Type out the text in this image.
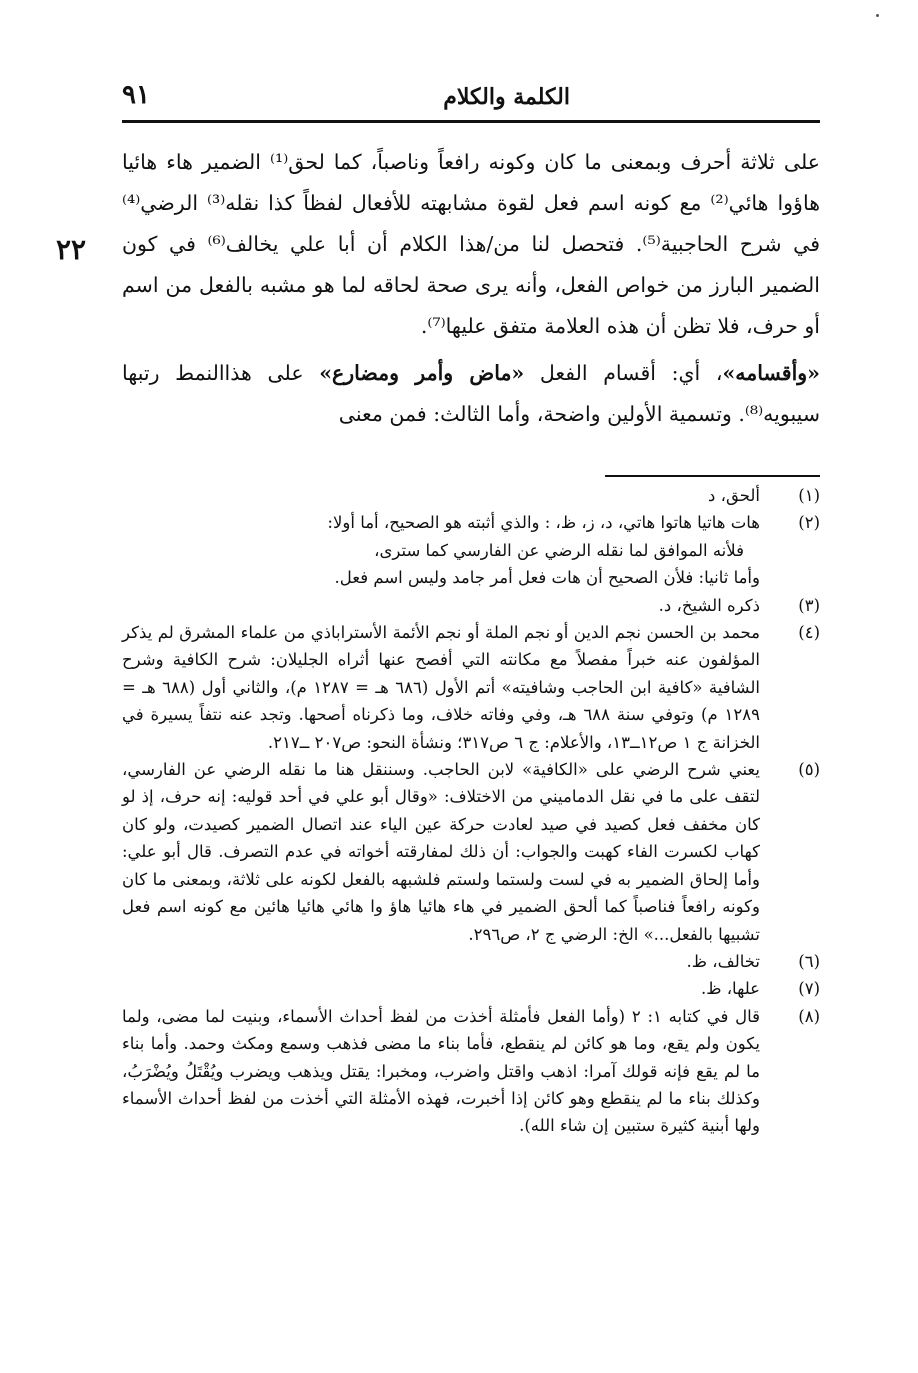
الكلمة والكلام
٩١
٢٢

على ثلاثة أحرف وبمعنى ما كان وكونه رافعاً وناصباً، كما لحق⁽¹⁾ الضمير هاء هائيا هاؤوا هائي⁽²⁾ مع كونه اسم فعل لقوة مشابهته للأفعال لفظاً كذا نقله⁽³⁾ الرضي⁽⁴⁾ في شرح الحاجبية⁽⁵⁾. فتحصل لنا من/هذا الكلام أن أبا علي يخالف⁽⁶⁾ في كون الضمير البارز من خواص الفعل، وأنه يرى صحة لحاقه لما هو مشبه بالفعل من اسم أو حرف، فلا تظن أن هذه العلامة متفق عليها⁽⁷⁾.

«وأقسامه»، أي: أقسام الفعل «ماض وأمر ومضارع» على هذاالنمط رتبها سيبويه⁽⁸⁾. وتسمية الأولين واضحة، وأما الثالث: فمن معنى

(١)
ألحق، د
(٢)
هات هاتيا هاتوا هاتي، د، ز، ظ، : والذي أثبته هو الصحيح، أما أولا:
فلأنه الموافق لما نقله الرضي عن الفارسي كما سترى،
وأما ثانيا: فلأن الصحيح أن هات فعل أمر جامد وليس اسم فعل.
(٣)
ذكره الشيخ، د.
(٤)
محمد بن الحسن نجم الدين أو نجم الملة أو نجم الأئمة الأستراباذي من علماء المشرق لم يذكر المؤلفون عنه خبراً مفصلاً مع مكانته التي أفصح عنها أثراه الجليلان: شرح الكافية وشرح الشافية «كافية ابن الحاجب وشافيته» أتم الأول (٦٨٦ هـ = ١٢٨٧ م)، والثاني أول (٦٨٨ هـ = ١٢٨٩ م) وتوفي سنة ٦٨٨ هـ، وفي وفاته خلاف، وما ذكرناه أصحها. وتجد عنه نتفاً يسيرة في الخزانة ج ١ ص١٢ــ١٣، والأعلام: ج ٦ ص٣١٧؛ ونشأة النحو: ص٢٠٧ ــ٢١٧.
(٥)
يعني شرح الرضي على «الكافية» لابن الحاجب. وسننقل هنا ما نقله الرضي عن الفارسي، لتقف على ما في نقل الدماميني من الاختلاف: «وقال أبو علي في أحد قوليه: إنه حرف، إذ لو كان مخفف فعل كصيد في صيد لعادت حركة عين الياء عند اتصال الضمير كصيدت، ولو كان كهاب لكسرت الفاء كهبت والجواب: أن ذلك لمفارقته أخواته في عدم التصرف. قال أبو علي: وأما إلحاق الضمير به في لست ولستما ولستم فلشبهه بالفعل لكونه على ثلاثة، وبمعنى ما كان وكونه رافعاً فناصباً كما ألحق الضمير في هاء هائيا هاؤ وا هائي هائيا هائين مع كونه اسم فعل تشبيها بالفعل...» الخ: الرضي ج ٢، ص٢٩٦.
(٦)
تخالف، ظ.
(٧)
علها، ظ.
(٨)
قال في كتابه ١: ٢ (وأما الفعل فأمثلة أخذت من لفظ أحداث الأسماء، وبنيت لما مضى، ولما يكون ولم يقع، وما هو كائن لم ينقطع، فأما بناء ما مضى فذهب وسمع ومكث وحمد. وأما بناء ما لم يقع فإنه قولك آمرا: اذهب واقتل واضرب، ومخبرا: يقتل ويذهب ويضرب ويُقْتَلُ ويُضْرَبُ، وكذلك بناء ما لم ينقطع وهو كائن إذا أخبرت، فهذه الأمثلة التي أخذت من لفظ أحداث الأسماء ولها أبنية كثيرة ستبين إن شاء الله).
